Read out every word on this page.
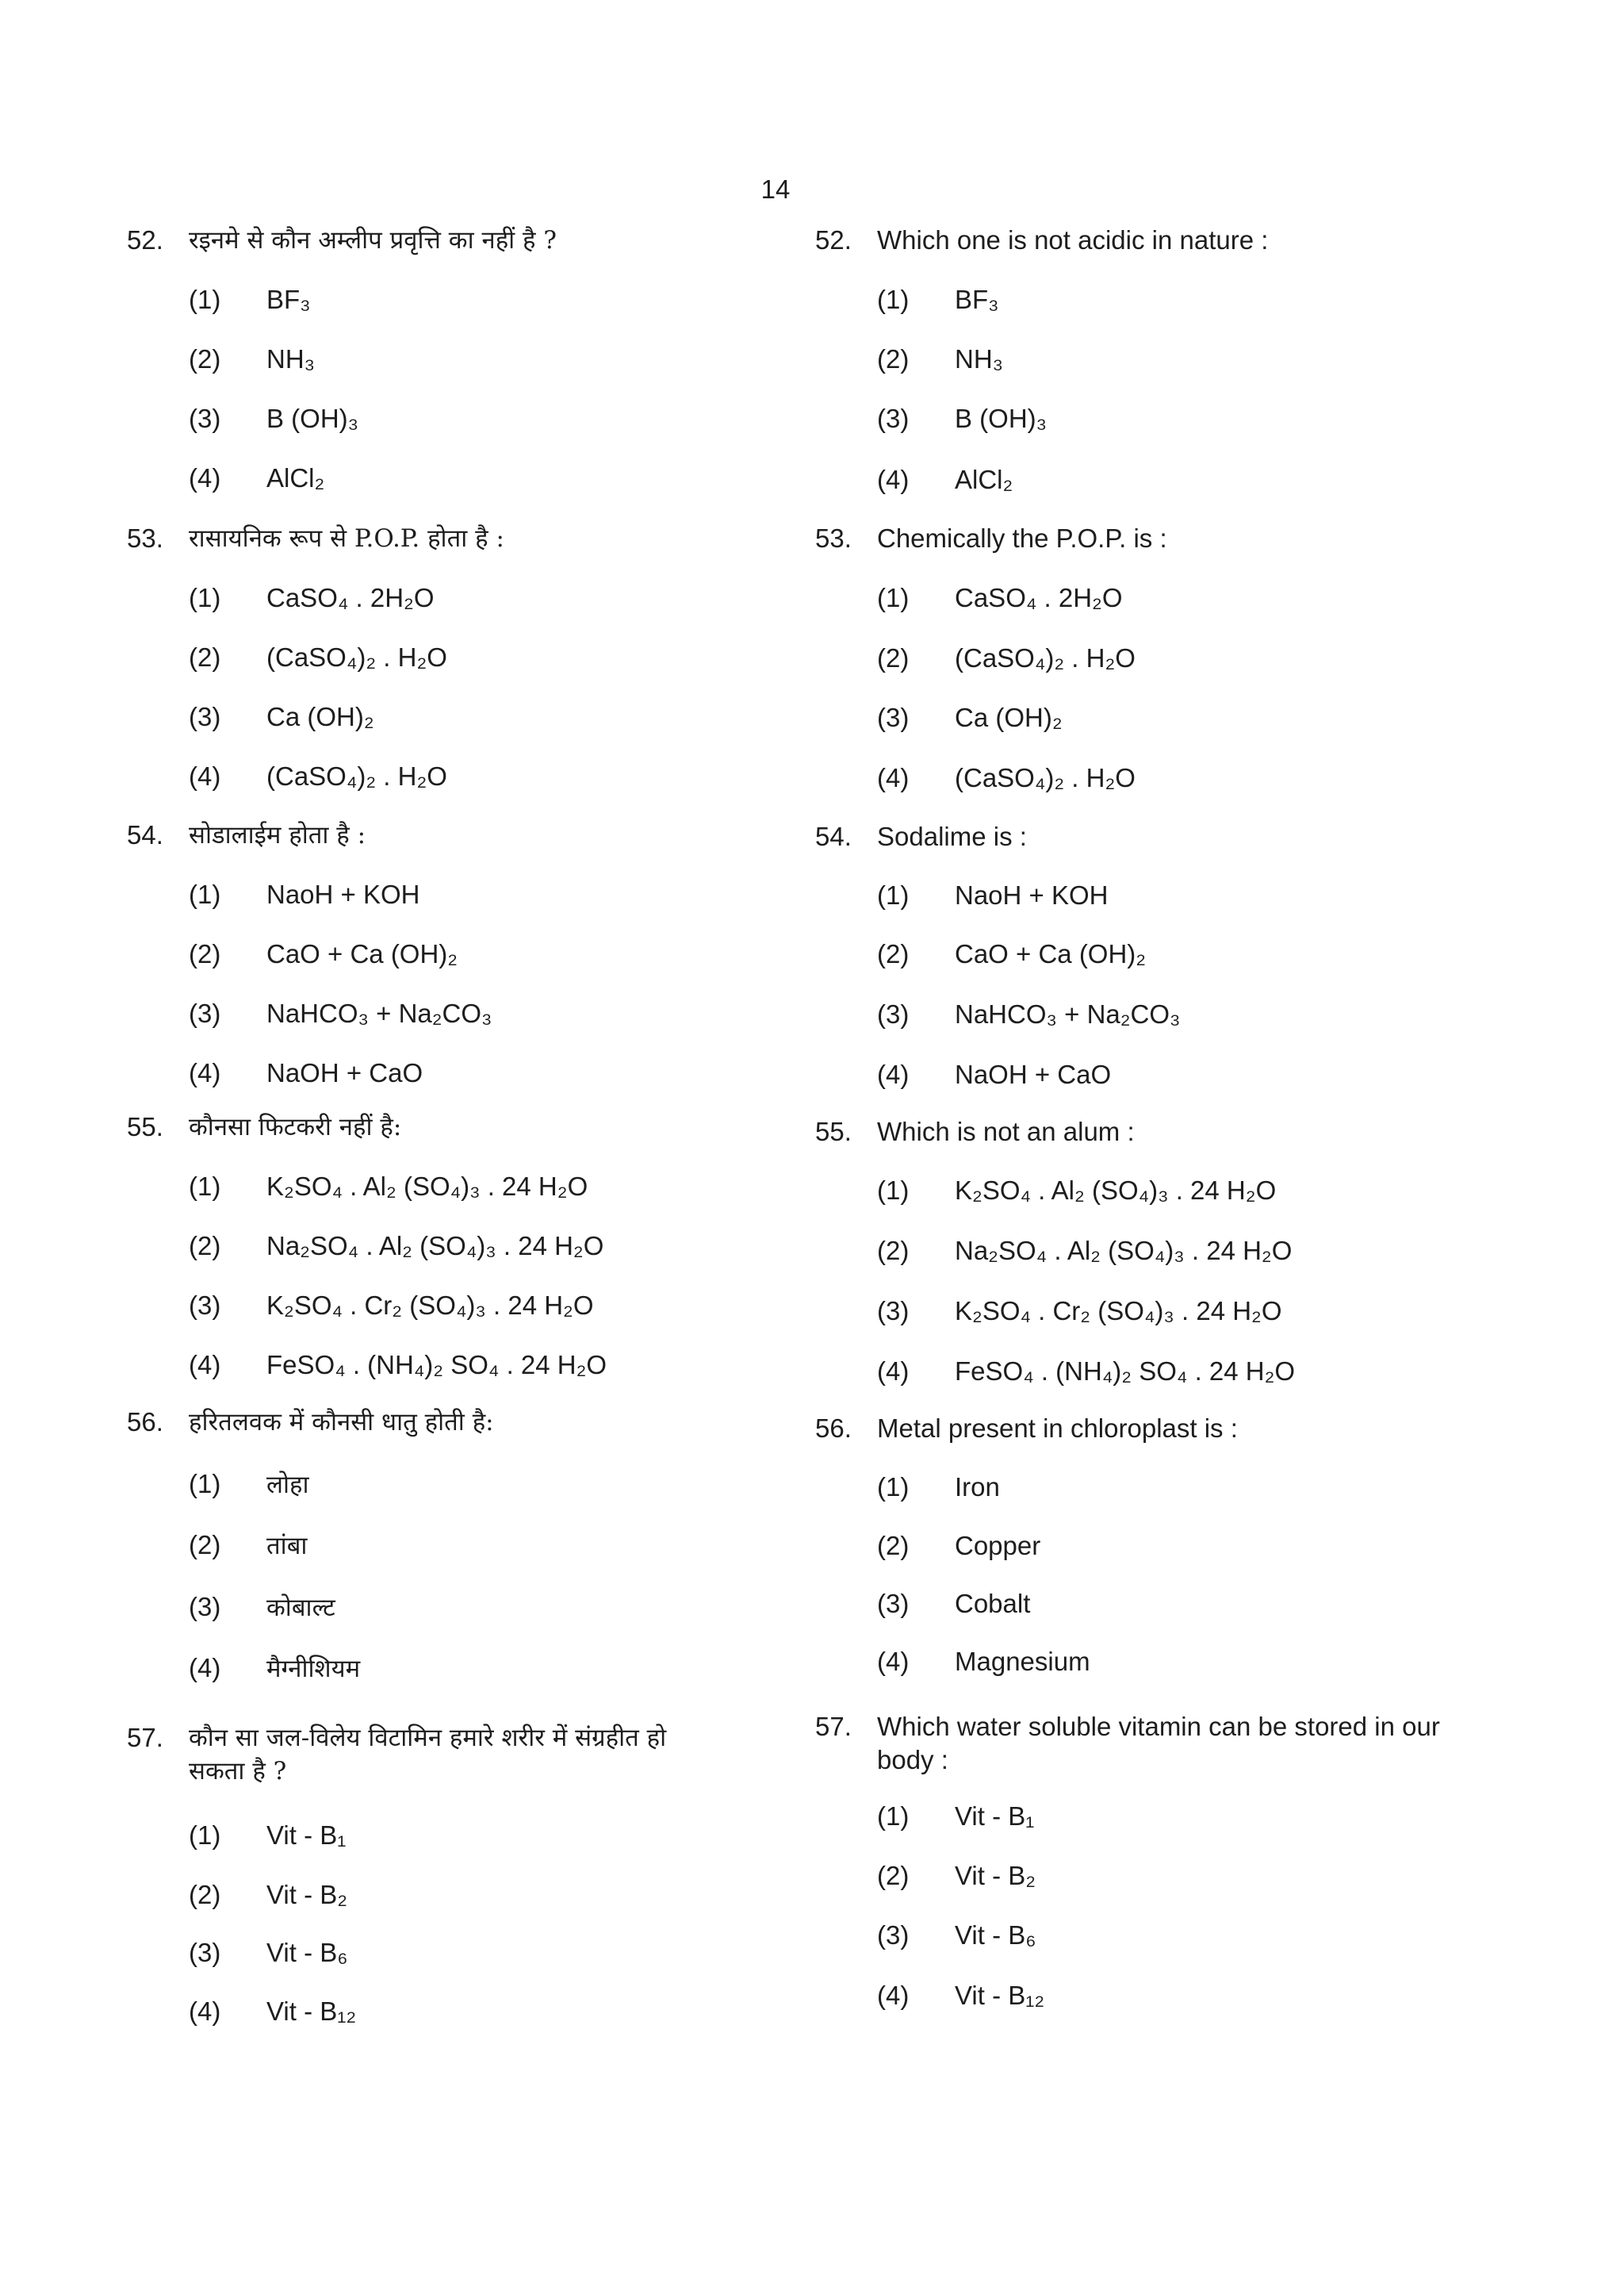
14
52.	रइनमे से कौन अम्लीप प्रवृत्ति का नहीं है ?
(1) BF₃
(2) NH₃
(3) B (OH)₃
(4) AlCl₂
53.	रासायनिक रूप से P.O.P. होता है :
(1) CaSO₄ . 2H₂O
(2) (CaSO₄)₂ . H₂O
(3) Ca (OH)₂
(4) (CaSO₄)₂ . H₂O
54.	सोडालाईम होता है :
(1) NaoH + KOH
(2) CaO + Ca (OH)₂
(3) NaHCO₃ + Na₂CO₃
(4) NaOH + CaO
55.	कौनसा फिटकरी नहीं है:
(1) K₂SO₄ . Al₂ (SO₄)₃ . 24 H₂O
(2) Na₂SO₄ . Al₂ (SO₄)₃ . 24 H₂O
(3) K₂SO₄ . Cr₂ (SO₄)₃ . 24 H₂O
(4) FeSO₄ . (NH₄)₂ SO₄ . 24 H₂O
56.	हरितलवक में कौनसी धातु होती है:
(1) लोहा
(2) तांबा
(3) कोबाल्ट
(4) मैग्नीशियम
57.	कौन सा जल-विलेय विटामिन हमारे शरीर में संग्रहीत हो सकता है ?
(1) Vit - B₁
(2) Vit - B₂
(3) Vit - B₆
(4) Vit - B₁₂
52. Which one is not acidic in nature :
(1) BF₃
(2) NH₃
(3) B (OH)₃
(4) AlCl₂
53. Chemically the P.O.P. is :
(1) CaSO₄ . 2H₂O
(2) (CaSO₄)₂ . H₂O
(3) Ca (OH)₂
(4) (CaSO₄)₂ . H₂O
54. Sodalime is :
(1) NaoH + KOH
(2) CaO + Ca (OH)₂
(3) NaHCO₃ + Na₂CO₃
(4) NaOH + CaO
55. Which is not an alum :
(1) K₂SO₄ . Al₂ (SO₄)₃ . 24 H₂O
(2) Na₂SO₄ . Al₂ (SO₄)₃ . 24 H₂O
(3) K₂SO₄ . Cr₂ (SO₄)₃ . 24 H₂O
(4) FeSO₄ . (NH₄)₂ SO₄ . 24 H₂O
56. Metal present in chloroplast is :
(1) Iron
(2) Copper
(3) Cobalt
(4) Magnesium
57. Which water soluble vitamin can be stored in our body :
(1) Vit - B₁
(2) Vit - B₂
(3) Vit - B₆
(4) Vit - B₁₂
